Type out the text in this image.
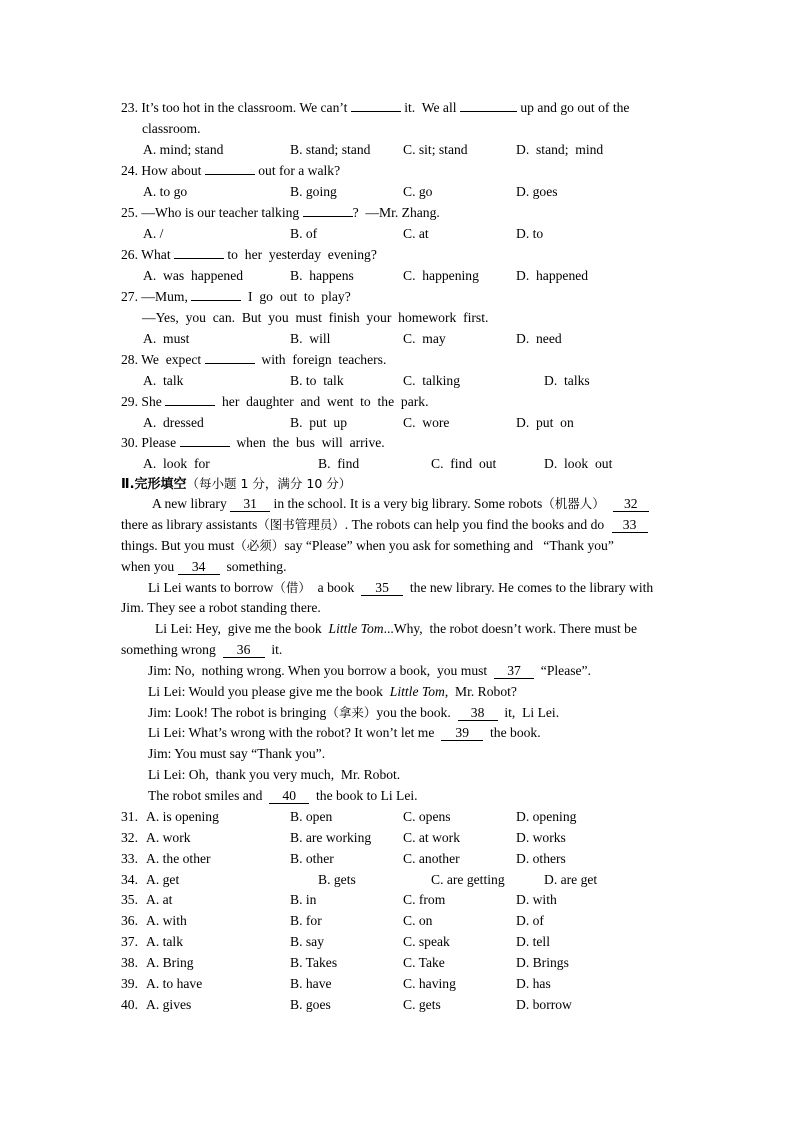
23. It’s too hot in the classroom. We can’t	it.  We all	up and go out of the
classroom.
A. mind; stand	B. stand; stand C. sit; stand	D.  stand;  mind
24. How about	out for a walk?
A. to go	B. going	C. go	D. goes
25. —Who is our teacher talking	?  —Mr. Zhang.
A. /	B. of	C. at	D. to
26. What	to  her  yesterday  evening?
A.  was  happened	B.  happens	C.  happening	D.  happened
27. —Mum,	I  go  out  to  play?
—Yes,  you  can.  But  you  must  finish  your  homework  first.
A.  must	B.  will	C.  may	D.  need
28. We  expect	with  foreign  teachers.
A.  talk	B. to  talk	C.  talking	D.  talks
29. She	her  daughter  and  went  to  the  park.
A.  dressed	B.  put  up	C.  wore	D.  put  on
30. Please	when  the  bus  will  arrive.
A.  look  for	B.  find	C.  find  out	D.  look  out
Ⅱ.完形填空（每小题 1 分，满分 10 分）
A new library 31 in the school. It is a very big library. Some robots（机器人） 32
there as library assistants（图书管理员）. The robots can help you find the books and do 33
things. But you must（必须）say “Please” when you ask for something and   “Thank you”
when you 34  something.
Li Lei wants to borrow（借）  a book  35  the new library. He comes to the library with
Jim. They see a robot standing there.
Li Lei: Hey,  give me the book  Little Tom...Why,  the robot doesn’t work. There must be
something wrong  36  it.
Jim: No,  nothing wrong. When you borrow a book,  you must  37  “Please”.
Li Lei: Would you please give me the book  Little Tom,  Mr. Robot?
Jim: Look! The robot is bringing（拿来）you the book.  38  it,  Li Lei.
Li Lei: What’s wrong with the robot? It won’t let me  39  the book.
Jim: You must say “Thank you”.
Li Lei: Oh,  thank you very much,  Mr. Robot.
The robot smiles and  40  the book to Li Lei.
31. A. is opening	B. open	C. opens	D. opening
32. A. work	B. are working C. at work	D. works
33. A. the other	B. other	C. another	D. others
34. A. get	B. gets	C. are getting	D. are get
35. A. at	B. in	C. from	D. with
36. A. with	B. for	C. on	D. of
37. A. talk	B. say	C. speak	D. tell
38. A. Bring	B. Takes	C. Take	D. Brings
39. A. to have	B. have	C. having	D. has
40. A. gives	B. goes	C. gets	D. borrow
